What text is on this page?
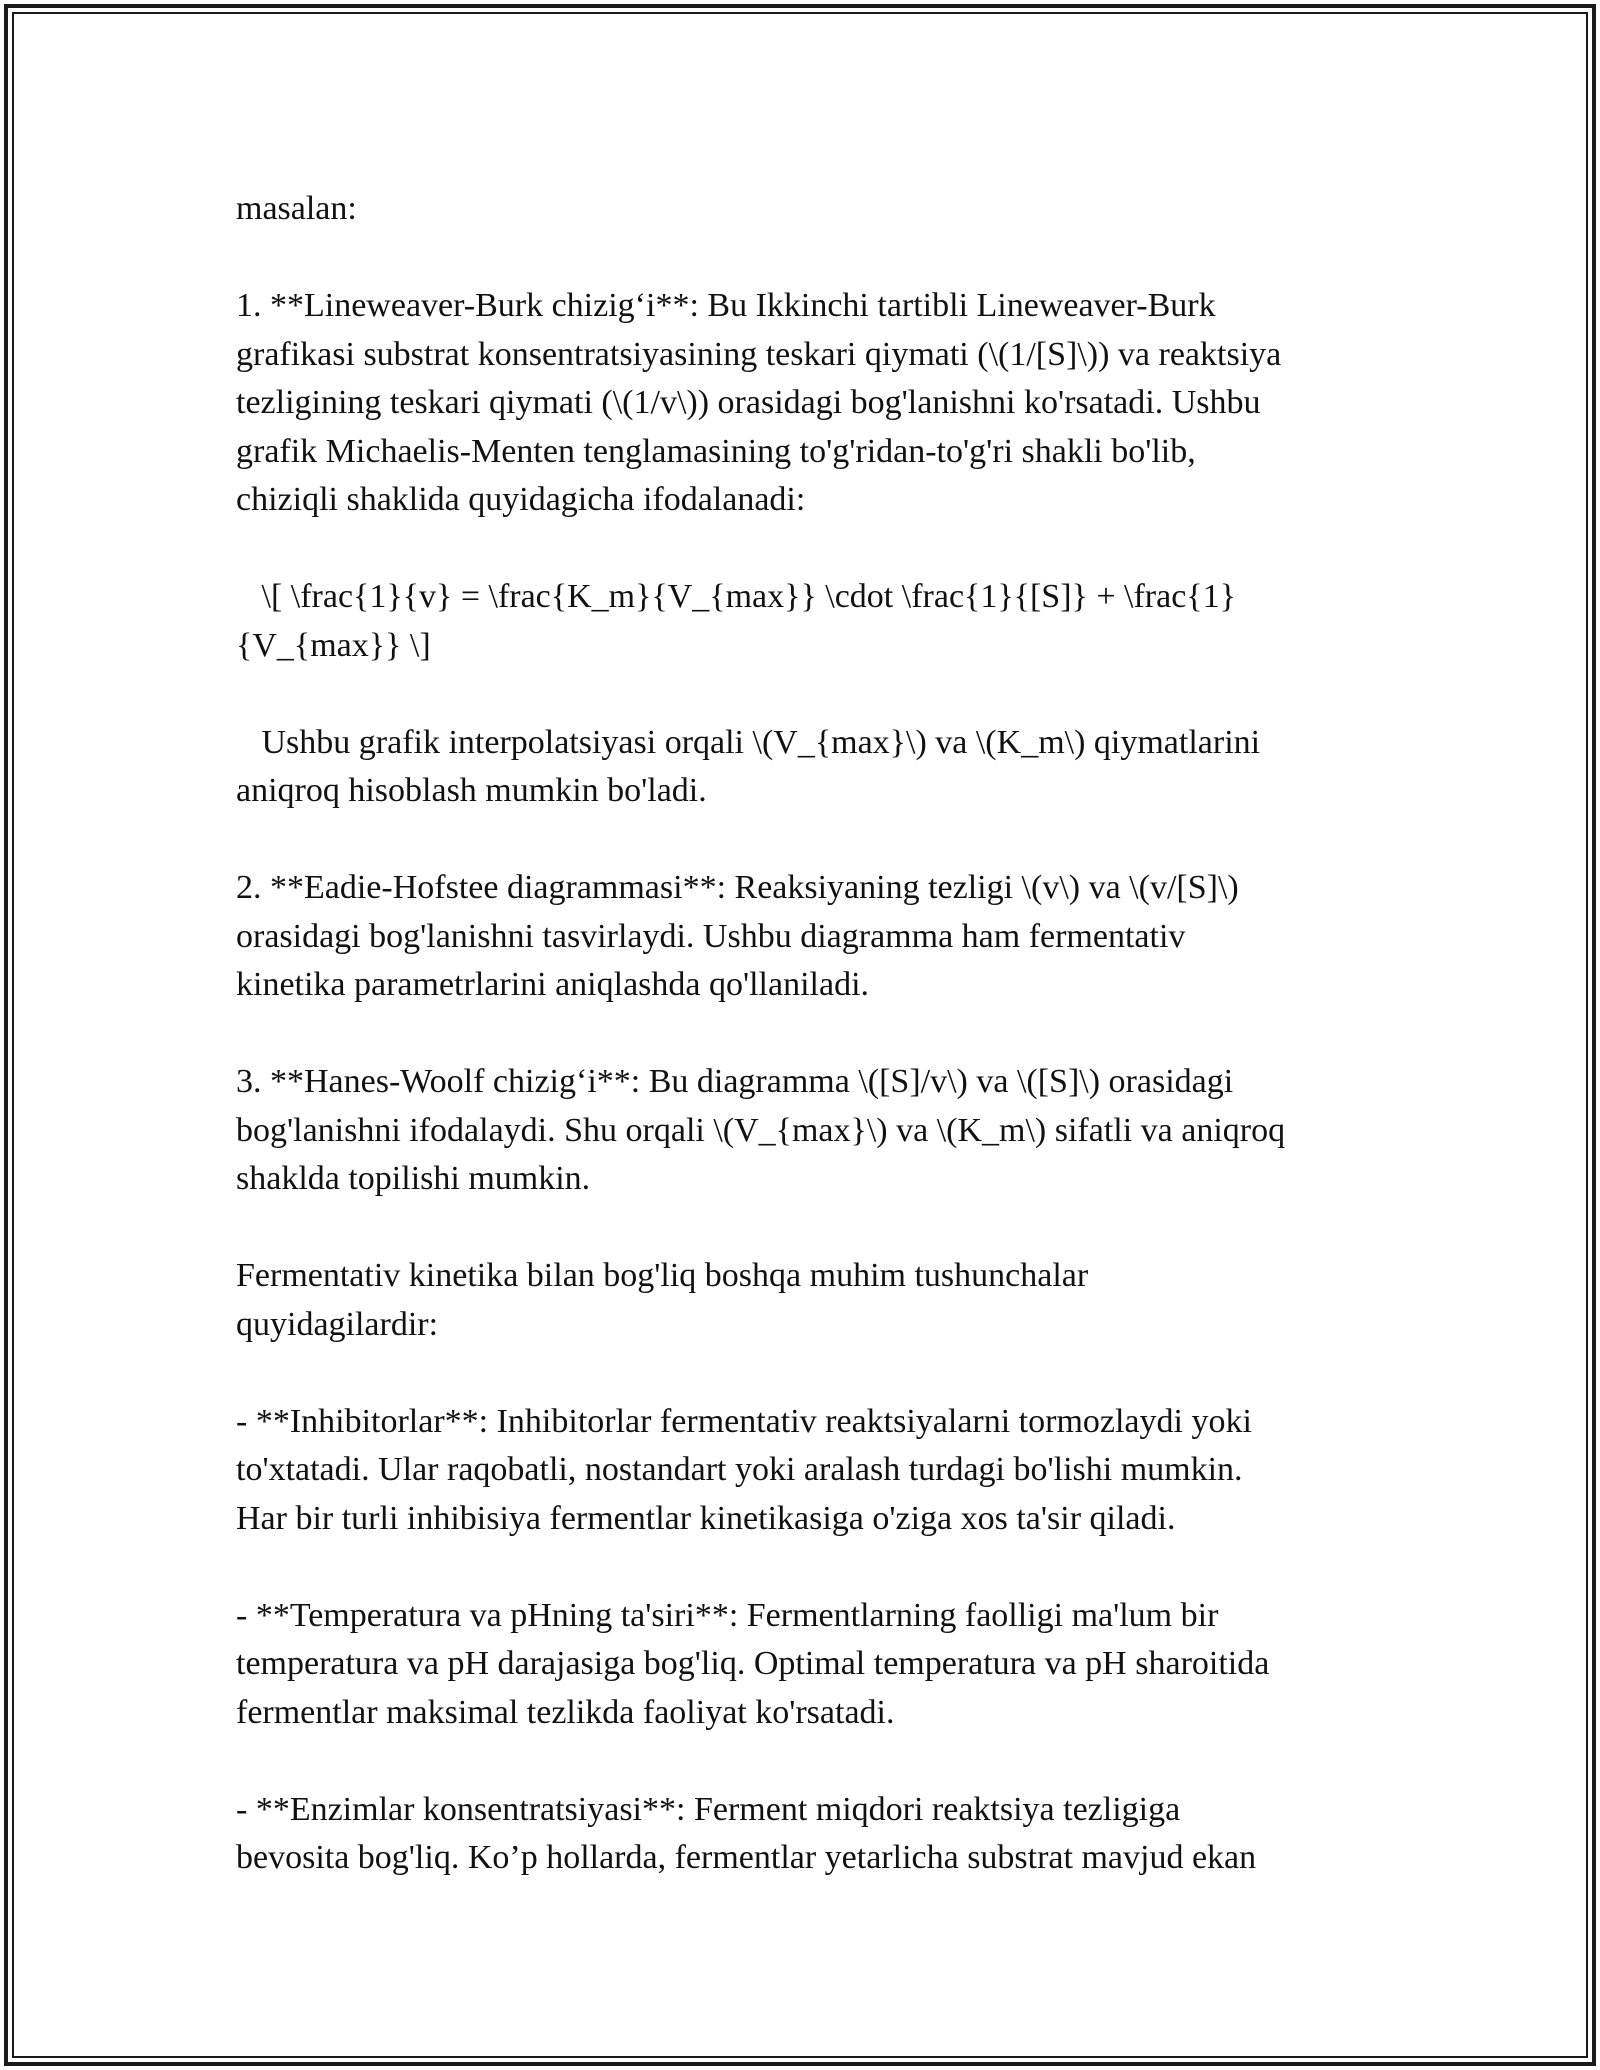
masalan:

1. **Lineweaver-Burk chizig‘i**: Bu Ikkinchi tartibli Lineweaver-Burk
grafikasi substrat konsentratsiyasining teskari qiymati (\(1/[S]\)) va reaktsiya
tezligining teskari qiymati (\(1/v\)) orasidagi bog'lanishni ko'rsatadi. Ushbu
grafik Michaelis-Menten tenglamasining to'g'ridan-to'g'ri shakli bo'lib,
chiziqli shaklida quyidagicha ifodalanadi:

\[ \frac{1}{v} = \frac{K_m}{V_{max}} \cdot \frac{1}{[S]} + \frac{1}
{V_{max}} \]

Ushbu grafik interpolatsiyasi orqali \(V_{max}\) va \(K_m\) qiymatlarini
aniqroq hisoblash mumkin bo'ladi.

2. **Eadie-Hofstee diagrammasi**: Reaksiyaning tezligi \(v\) va \(v/[S]\)
orasidagi bog'lanishni tasvirlaydi. Ushbu diagramma ham fermentativ
kinetika parametrlarini aniqlashda qo'llaniladi.

3. **Hanes-Woolf chizig‘i**: Bu diagramma \([S]/v\) va \([S]\) orasidagi
bog'lanishni ifodalaydi. Shu orqali \(V_{max}\) va \(K_m\) sifatli va aniqroq
shaklda topilishi mumkin.

Fermentativ kinetika bilan bog'liq boshqa muhim tushunchalar
quyidagilardir:

- **Inhibitorlar**: Inhibitorlar fermentativ reaktsiyalarni tormozlaydi yoki
to'xtatadi. Ular raqobatli, nostandart yoki aralash turdagi bo'lishi mumkin.
Har bir turli inhibisiya fermentlar kinetikasiga o'ziga xos ta'sir qiladi.

- **Temperatura va pHning ta'siri**: Fermentlarning faolligi ma'lum bir
temperatura va pH darajasiga bog'liq. Optimal temperatura va pH sharoitida
fermentlar maksimal tezlikda faoliyat ko'rsatadi.

- **Enzimlar konsentratsiyasi**: Ferment miqdori reaktsiya tezligiga
bevosita bog'liq. Ko’p hollarda, fermentlar yetarlicha substrat mavjud ekan
